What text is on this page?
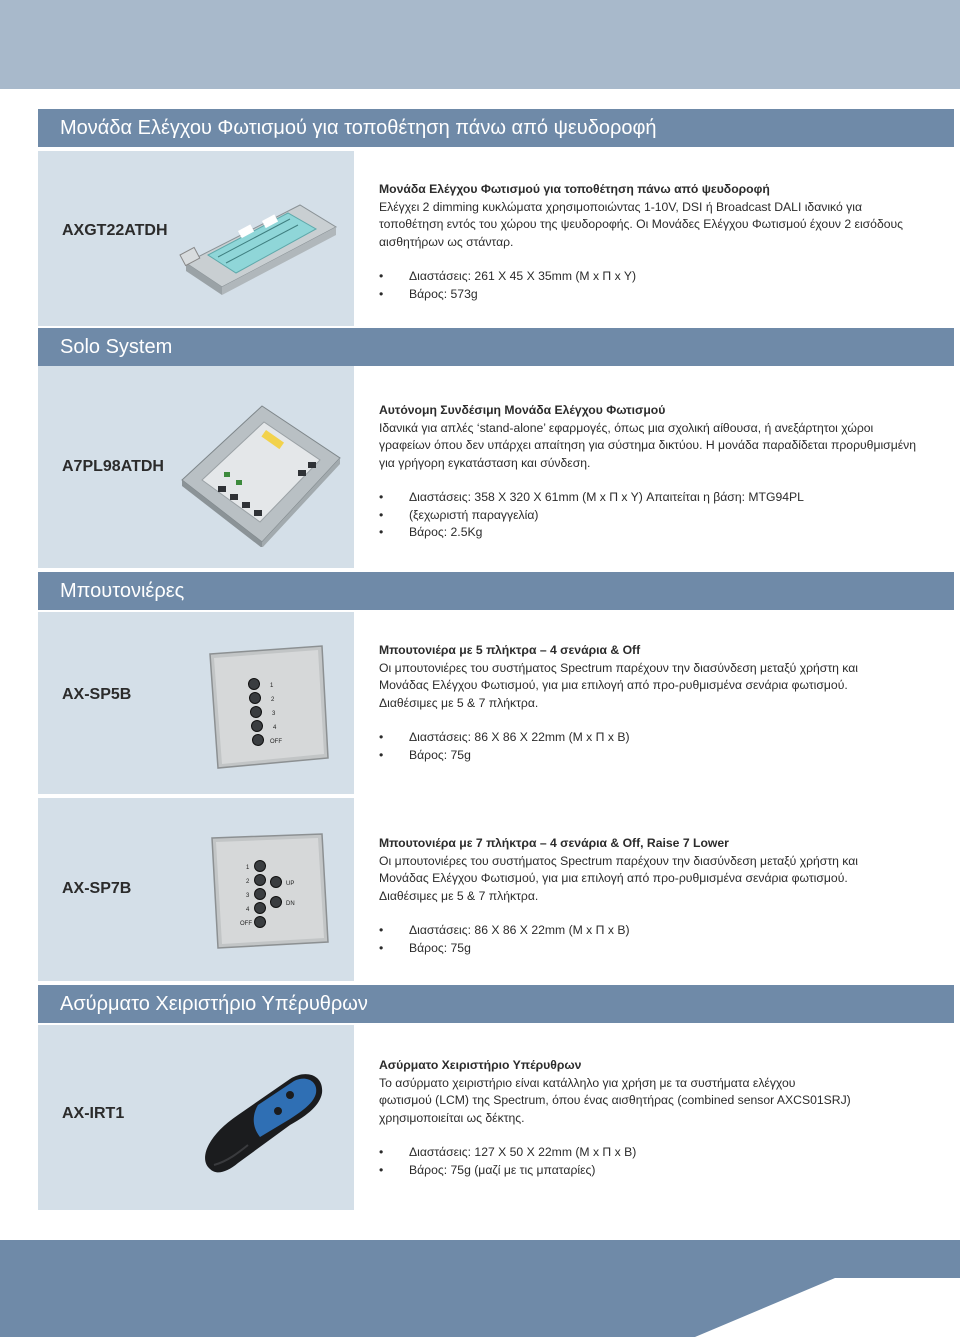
Μονάδα Ελέγχου Φωτισμού για τοποθέτηση πάνω από ψευδοροφή
AXGT22ATDH
Μονάδα Ελέγχου Φωτισμού για τοποθέτηση πάνω από ψευδοροφή
Ελέγχει 2 dimming κυκλώματα χρησιμοποιώντας 1-10V, DSI ή Broadcast DALI ιδανικό για
τοποθέτηση εντός του χώρου της ψευδοροφής. Οι Μονάδες Ελέγχου Φωτισμού έχουν 2 εισόδους
αισθητήρων ως στάνταρ.
• Διαστάσεις: 261 X 45 X 35mm (M x Π x Y)
• Βάρος: 573g
Solo System
A7PL98ATDH
Αυτόνομη Συνδέσιμη Μονάδα Ελέγχου Φωτισμού
Ιδανικά για απλές ‘stand-alone’ εφαρμογές, όπως μια σχολική αίθουσα, ή ανεξάρτητοι χώροι
γραφείων όπου δεν υπάρχει απαίτηση για σύστημα δικτύου. Η μονάδα παραδίδεται προρυθμισμένη
για γρήγορη εγκατάσταση και σύνδεση.
• Διαστάσεις: 358 X 320 X 61mm (M x Π x Y) Απαιτείται η βάση: MTG94PL
• (ξεχωριστή παραγγελία)
• Βάρος: 2.5Kg
Μπουτονιέρες
AX-SP5B	1
2
3
4
OFF
Μπουτονιέρα με 5 πλήκτρα – 4 σενάρια & Off
Οι μπουτονιέρες του συστήματος Spectrum παρέχουν την διασύνδεση μεταξύ χρήστη και
Μονάδας Ελέγχου Φωτισμού, για μια επιλογή από προ-ρυθμισμένα σενάρια φωτισμού.
Διαθέσιμες με 5 & 7 πλήκτρα.
• Διαστάσεις: 86 X 86 X 22mm (M x Π x B)
• Βάρος: 75g
AX-SP7B
1
2
3
4
OFF
UP
DN
Μπουτονιέρα με 7 πλήκτρα – 4 σενάρια & Off, Raise 7 Lower
Οι μπουτονιέρες του συστήματος Spectrum παρέχουν την διασύνδεση μεταξύ χρήστη και
Μονάδας Ελέγχου Φωτισμού, για μια επιλογή από προ-ρυθμισμένα σενάρια φωτισμού.
Διαθέσιμες με 5 & 7 πλήκτρα.
• Διαστάσεις: 86 X 86 X 22mm (M x Π x B)
• Βάρος: 75g
Ασύρματο Χειριστήριο Υπέρυθρων
AX-IRT1
Ασύρματο Χειριστήριο Υπέρυθρων
Το ασύρματο χειριστήριο είναι κατάλληλο για χρήση με τα συστήματα ελέγχου
φωτισμού (LCM) της Spectrum, όπου ένας αισθητήρας (combined sensor AXCS01SRJ)
χρησιμοποιείται ως δέκτης.
• Διαστάσεις: 127 X 50 X 22mm (M x Π x B)
• Βάρος: 75g (μαζί με τις μπαταρίες)
